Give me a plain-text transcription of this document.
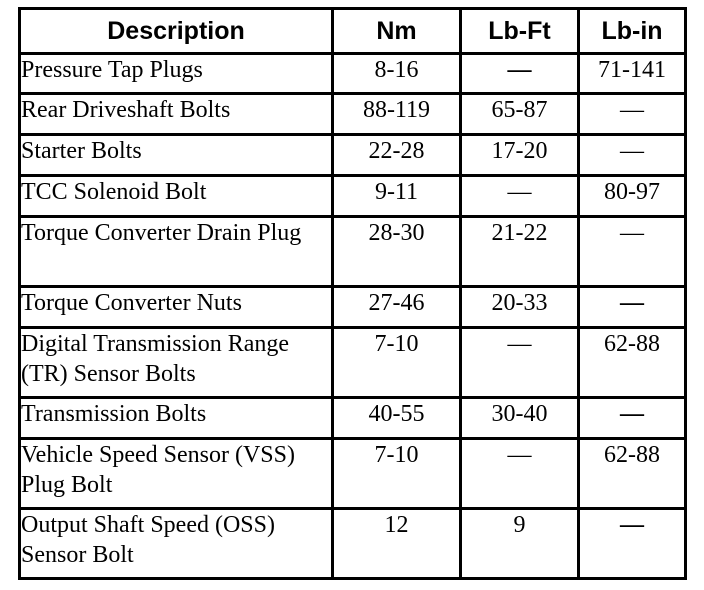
Description	Nm	Lb-Ft	Lb-in
Pressure Tap Plugs	8-16	—	71-141
Rear Driveshaft Bolts	88-119	65-87	—
Starter Bolts	22-28	17-20	—
TCC Solenoid Bolt	9-11	—	80-97
Torque Converter Drain Plug	28-30	21-22	—
Torque Converter Nuts	27-46	20-33	—
Digital Transmission Range (TR) Sensor Bolts	7-10	—	62-88
Transmission Bolts	40-55	30-40	—
Vehicle Speed Sensor (VSS) Plug Bolt	7-10	—	62-88
Output Shaft Speed (OSS) Sensor Bolt	12	9	—
